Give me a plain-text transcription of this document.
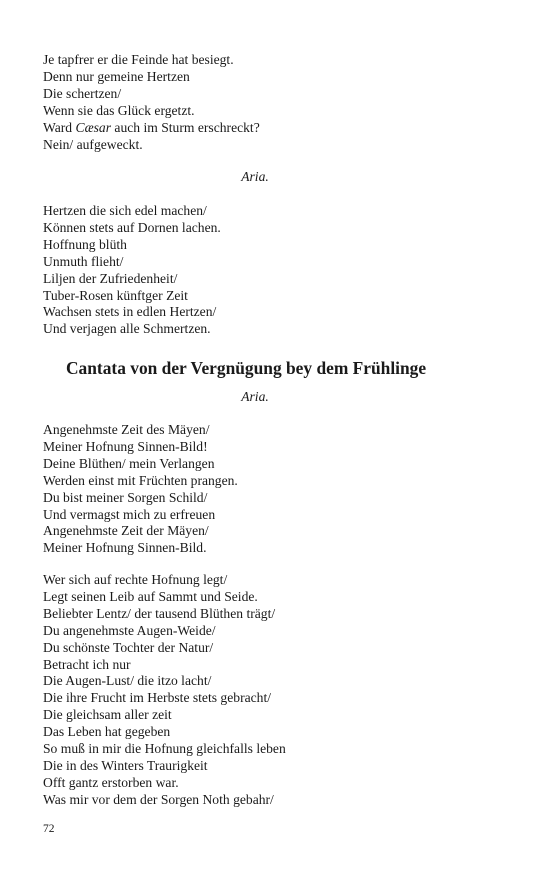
Je tapfrer er die Feinde hat besiegt.
Denn nur gemeine Hertzen
Die schertzen/
Wenn sie das Glück ergetzt.
Ward Cæsar auch im Sturm erschreckt?
Nein/ aufgeweckt.
Aria.
Hertzen die sich edel machen/
Können stets auf Dornen lachen.
Hoffnung blüth
Unmuth flieht/
Liljen der Zufriedenheit/
Tuber-Rosen künftger Zeit
Wachsen stets in edlen Hertzen/
Und verjagen alle Schmertzen.
Cantata von der Vergnügung bey dem Frühlinge
Aria.
Angenehmste Zeit des Mäyen/
Meiner Hofnung Sinnen-Bild!
Deine Blüthen/ mein Verlangen
Werden einst mit Früchten prangen.
Du bist meiner Sorgen Schild/
Und vermagst mich zu erfreuen
Angenehmste Zeit der Mäyen/
Meiner Hofnung Sinnen-Bild.
Wer sich auf rechte Hofnung legt/
Legt seinen Leib auf Sammt und Seide.
Beliebter Lentz/ der tausend Blüthen trägt/
Du angenehmste Augen-Weide/
Du schönste Tochter der Natur/
Betracht ich nur
Die Augen-Lust/ die itzo lacht/
Die ihre Frucht im Herbste stets gebracht/
Die gleichsam aller zeit
Das Leben hat gegeben
So muß in mir die Hofnung gleichfalls leben
Die in des Winters Traurigkeit
Offt gantz erstorben war.
Was mir vor dem der Sorgen Noth gebahr/
72
